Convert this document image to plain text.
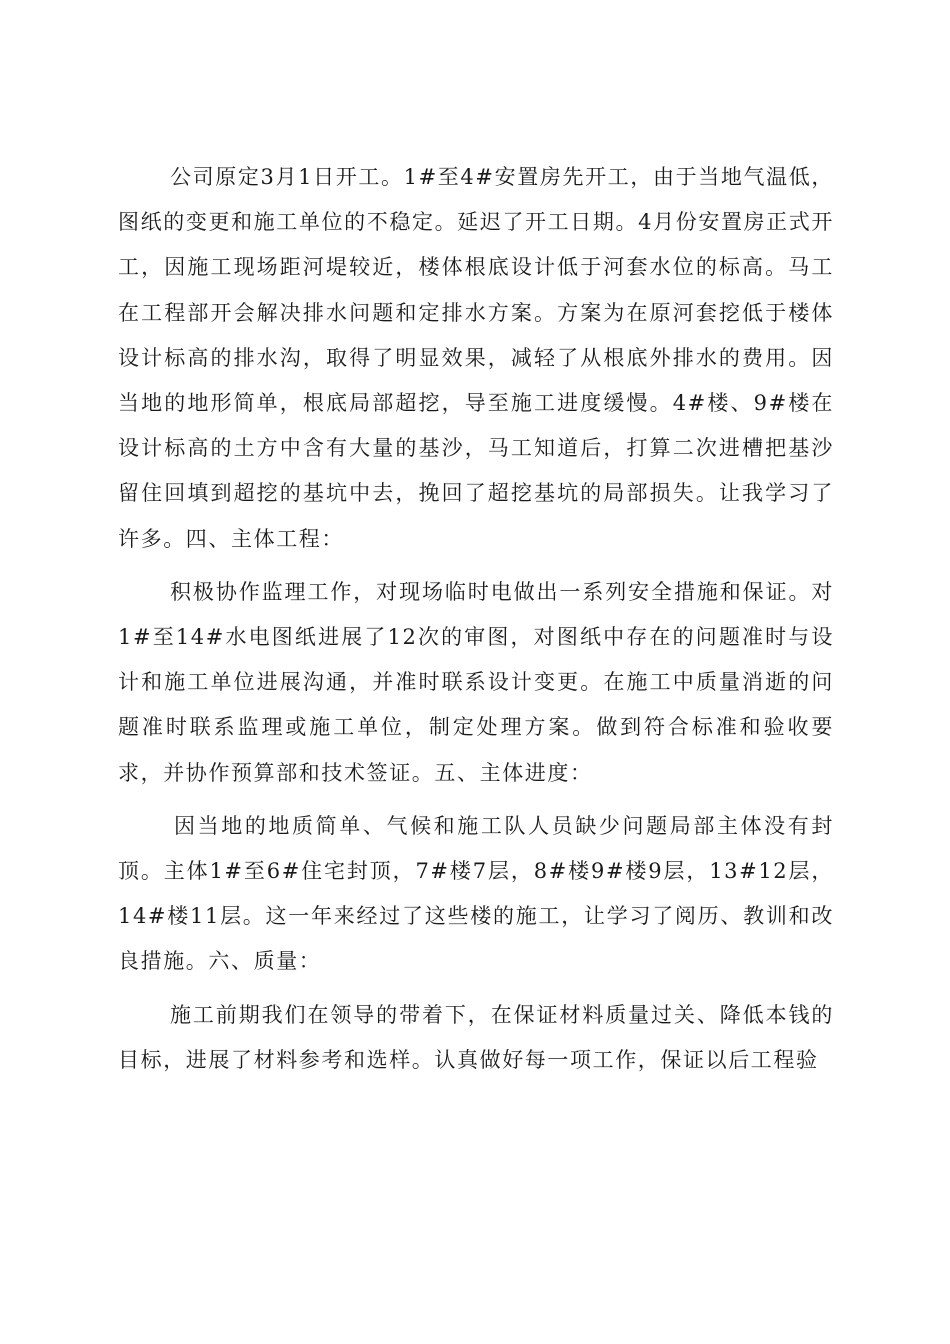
公司原定3月1日开工。1#至4#安置房先开工，由于当地气温低，图纸的变更和施工单位的不稳定。延迟了开工日期。4月份安置房正式开工，因施工现场距河堤较近，楼体根底设计低于河套水位的标高。马工在工程部开会解决排水问题和定排水方案。方案为在原河套挖低于楼体设计标高的排水沟，取得了明显效果，减轻了从根底外排水的费用。因当地的地形简单，根底局部超挖，导至施工进度缓慢。4#楼、9#楼在设计标高的土方中含有大量的基沙，马工知道后，打算二次进槽把基沙留住回填到超挖的基坑中去，挽回了超挖基坑的局部损失。让我学习了许多。四、主体工程：

积极协作监理工作，对现场临时电做出一系列安全措施和保证。对1#至14#水电图纸进展了12次的审图，对图纸中存在的问题准时与设计和施工单位进展沟通，并准时联系设计变更。在施工中质量消逝的问题准时联系监理或施工单位，制定处理方案。做到符合标准和验收要求，并协作预算部和技术签证。五、主体进度：

因当地的地质简单、气候和施工队人员缺少问题局部主体没有封顶。主体1#至6#住宅封顶，7#楼7层，8#楼9#楼9层，13#12层，14#楼11层。这一年来经过了这些楼的施工，让学习了阅历、教训和改良措施。六、质量：

施工前期我们在领导的带着下，在保证材料质量过关、降低本钱的目标，进展了材料参考和选样。认真做好每一项工作，保证以后工程验
